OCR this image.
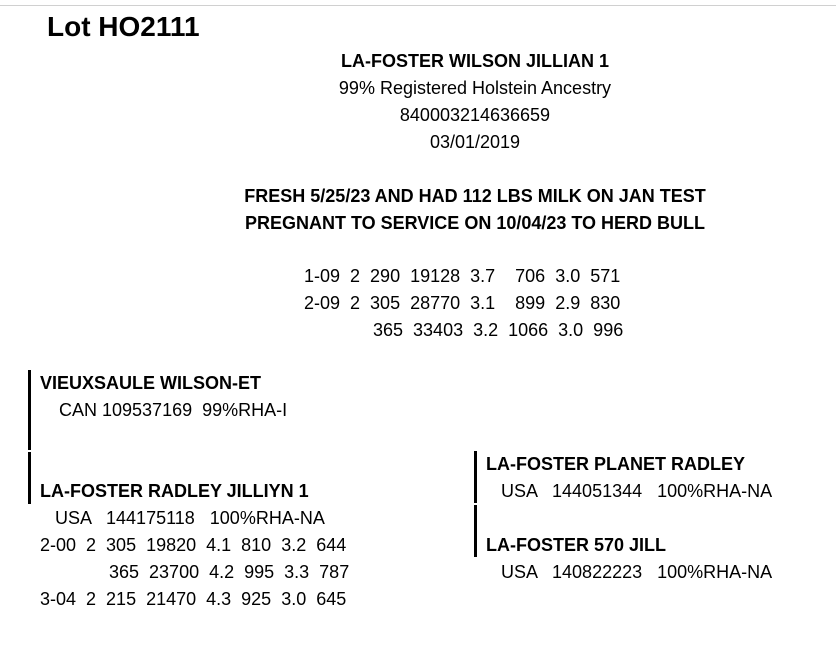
Lot HO2111
LA-FOSTER WILSON JILLIAN 1
99% Registered Holstein Ancestry
840003214636659
03/01/2019
FRESH 5/25/23 AND HAD 112 LBS MILK ON JAN TEST
PREGNANT TO SERVICE ON 10/04/23 TO HERD BULL
1-09  2  290  19128  3.7    706  3.0  571
2-09  2  305  28770  3.1    899  2.9  830
365  33403  3.2  1066  3.0  996
VIEUXSAULE WILSON-ET
CAN 109537169  99%RHA-I
LA-FOSTER RADLEY JILLIYN 1
USA   144175118   100%RHA-NA
2-00  2  305  19820  4.1  810  3.2  644
365  23700  4.2  995  3.3  787
3-04  2  215  21470  4.3  925  3.0  645
LA-FOSTER PLANET RADLEY
USA   144051344   100%RHA-NA
LA-FOSTER 570 JILL
USA   140822223   100%RHA-NA
